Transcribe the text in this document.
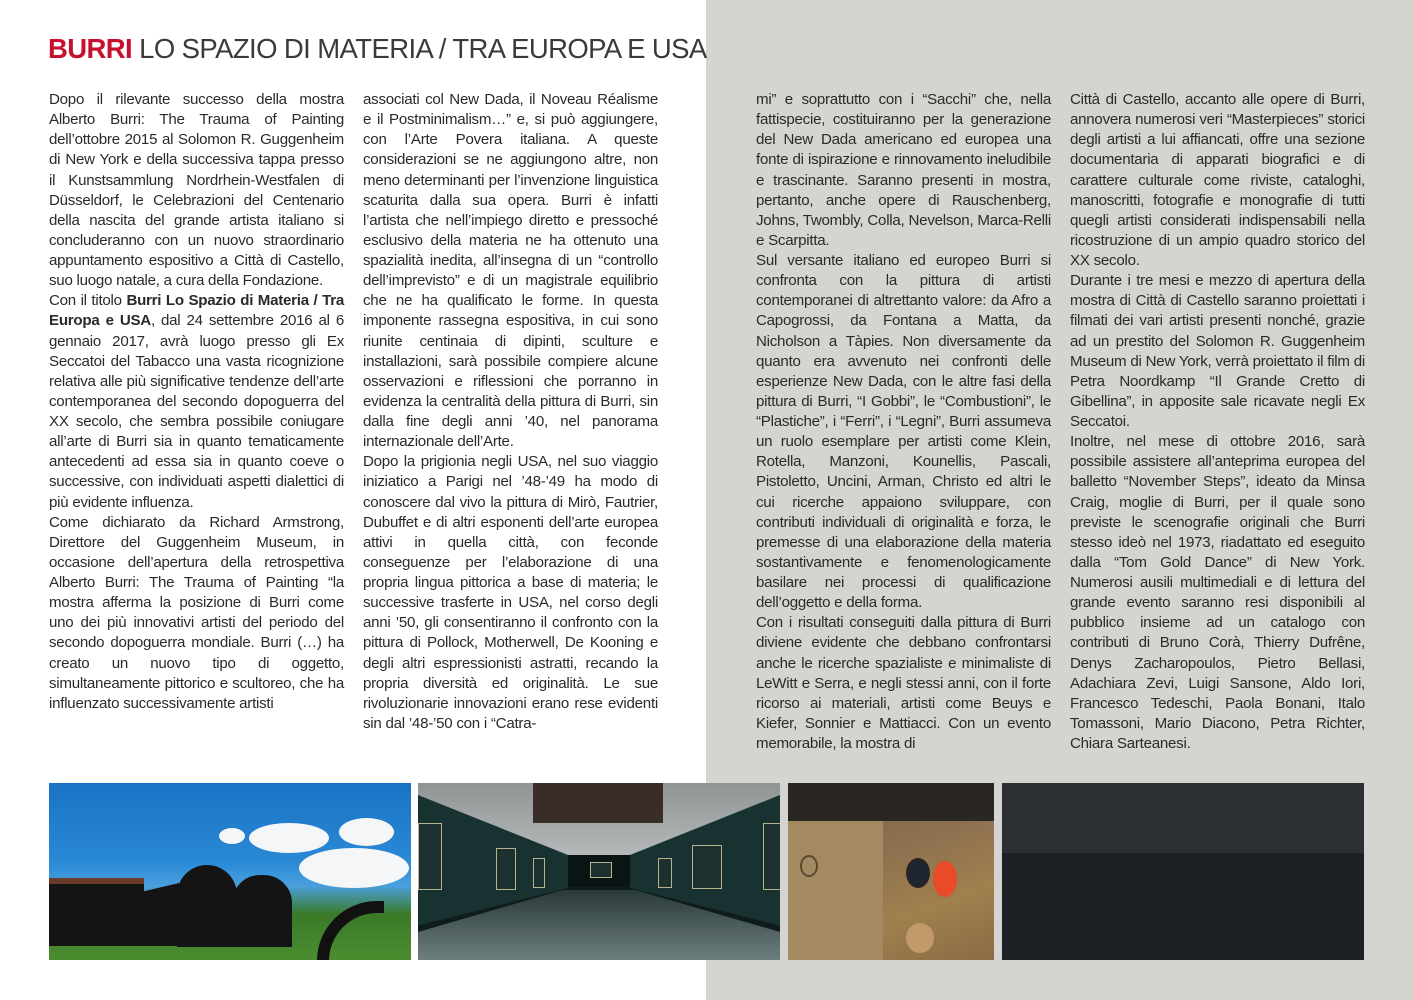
BURRI LO SPAZIO DI MATERIA / TRA EUROPA E USA

Dopo il rilevante successo della mostra Alberto Burri: The Trauma of Painting dell’ottobre 2015 al Solomon R. Guggenheim di New York e della successiva tappa presso il Kunstsammlung Nordrhein-Westfalen di Düsseldorf, le Celebrazioni del Centenario della nascita del grande artista italiano si concluderanno con un nuovo straordinario appuntamento espositivo a Città di Castello, suo luogo natale, a cura della Fondazione.

Con il titolo Burri Lo Spazio di Materia / Tra Europa e USA, dal 24 settembre 2016 al 6 gennaio 2017, avrà luogo presso gli Ex Seccatoi del Tabacco una vasta ricognizione relativa alle più significative tendenze dell’arte contemporanea del secondo dopoguerra del XX secolo, che sembra possibile coniugare all’arte di Burri sia in quanto tematicamente antecedenti ad essa sia in quanto coeve o successive, con individuati aspetti dialettici di più evidente influenza.

Come dichiarato da Richard Armstrong, Direttore del Guggenheim Museum, in occasione dell’apertura della retrospettiva Alberto Burri: The Trauma of Painting “la mostra afferma la posizione di Burri come uno dei più innovativi artisti del periodo del secondo dopoguerra mondiale. Burri (…) ha creato un nuovo tipo di oggetto, simultaneamente pittorico e scultoreo, che ha influenzato successivamente artisti

associati col New Dada, il Noveau Réalisme e il Postminimalism…” e, si può aggiungere, con l’Arte Povera italiana. A queste considerazioni se ne aggiungono altre, non meno determinanti per l’invenzione linguistica scaturita dalla sua opera. Burri è infatti l’artista che nell’impiego diretto e pressoché esclusivo della materia ne ha ottenuto una spazialità inedita, all’insegna di un “controllo dell’imprevisto” e di un magistrale equilibrio che ne ha qualificato le forme. In questa imponente rassegna espositiva, in cui sono riunite centinaia di dipinti, sculture e installazioni, sarà possibile compiere alcune osservazioni e riflessioni che porranno in evidenza la centralità della pittura di Burri, sin dalla fine degli anni ’40, nel panorama internazionale dell’Arte.

Dopo la prigionia negli USA, nel suo viaggio iniziatico a Parigi nel ’48-’49 ha modo di conoscere dal vivo la pittura di Mirò, Fautrier, Dubuffet e di altri esponenti dell’arte europea attivi in quella città, con feconde conseguenze per l’elaborazione di una propria lingua pittorica a base di materia; le successive trasferte in USA, nel corso degli anni ’50, gli consentiranno il confronto con la pittura di Pollock, Motherwell, De Kooning e degli altri espressionisti astratti, recando la propria diversità ed originalità. Le sue rivoluzionarie innovazioni erano rese evidenti sin dal ’48-’50 con i “Catra-

mi” e soprattutto con i “Sacchi” che, nella fattispecie, costituiranno per la generazione del New Dada americano ed europea una fonte di ispirazione e rinnovamento ineludibile e trascinante. Saranno presenti in mostra, pertanto, anche opere di Rauschenberg, Johns, Twombly, Colla, Nevelson, Marca-Relli e Scarpitta.

Sul versante italiano ed europeo Burri si confronta con la pittura di artisti contemporanei di altrettanto valore: da Afro a Capogrossi, da Fontana a Matta, da Nicholson a Tàpies. Non diversamente da quanto era avvenuto nei confronti delle esperienze New Dada, con le altre fasi della pittura di Burri, “I Gobbi”, le “Combustioni”, le “Plastiche”, i “Ferri”, i “Legni”, Burri assumeva un ruolo esemplare per artisti come Klein, Rotella, Manzoni, Kounellis, Pascali, Pistoletto, Uncini, Arman, Christo ed altri le cui ricerche appaiono svilupparе, con contributi individuali di originalità e forza, le premesse di una elaborazione della materia sostantivamente e fenomenologicamente basilare nei processi di qualificazione dell’oggetto e della forma.

Con i risultati conseguiti dalla pittura di Burri diviene evidente che debbano confrontarsi anche le ricerche spazialiste e minimaliste di LeWitt e Serra, e negli stessi anni, con il forte ricorso ai materiali, artisti come Beuys e Kiefer, Sonnier e Mattiacci. Con un evento memorabile, la mostra di

Città di Castello, accanto alle opere di Burri, annovera numerosi veri “Masterpieces” storici degli artisti a lui affiancati, offre una sezione documentaria di apparati biografici e di carattere culturale come riviste, cataloghi, manoscritti, fotografie e monografie di tutti quegli artisti considerati indispensabili nella ricostruzione di un ampio quadro storico del XX secolo.

Durante i tre mesi e mezzo di apertura della mostra di Città di Castello saranno proiettati i filmati dei vari artisti presenti nonché, grazie ad un prestito del Solomon R. Guggenheim Museum di New York, verrà proiettato il film di Petra Noordkamp “Il Grande Cretto di Gibellina”, in apposite sale ricavate negli Ex Seccatoi.

Inoltre, nel mese di ottobre 2016, sarà possibile assistere all’anteprima europea del balletto “November Steps”, ideato da Minsa Craig, moglie di Burri, per il quale sono previste le scenografie originali che Burri stesso ideò nel 1973, riadattato ed eseguito dalla “Tom Gold Dance” di New York. Numerosi ausili multimediali e di lettura del grande evento saranno resi disponibili al pubblico insieme ad un catalogo con contributi di Bruno Corà, Thierry Dufrêne, Denys Zacharopoulos, Pietro Bellasi, Adachiara Zevi, Luigi Sansone, Aldo Iori, Francesco Tedeschi, Paola Bonani, Italo Tomassoni, Mario Diacono, Petra Richter, Chiara Sarteanesi.
